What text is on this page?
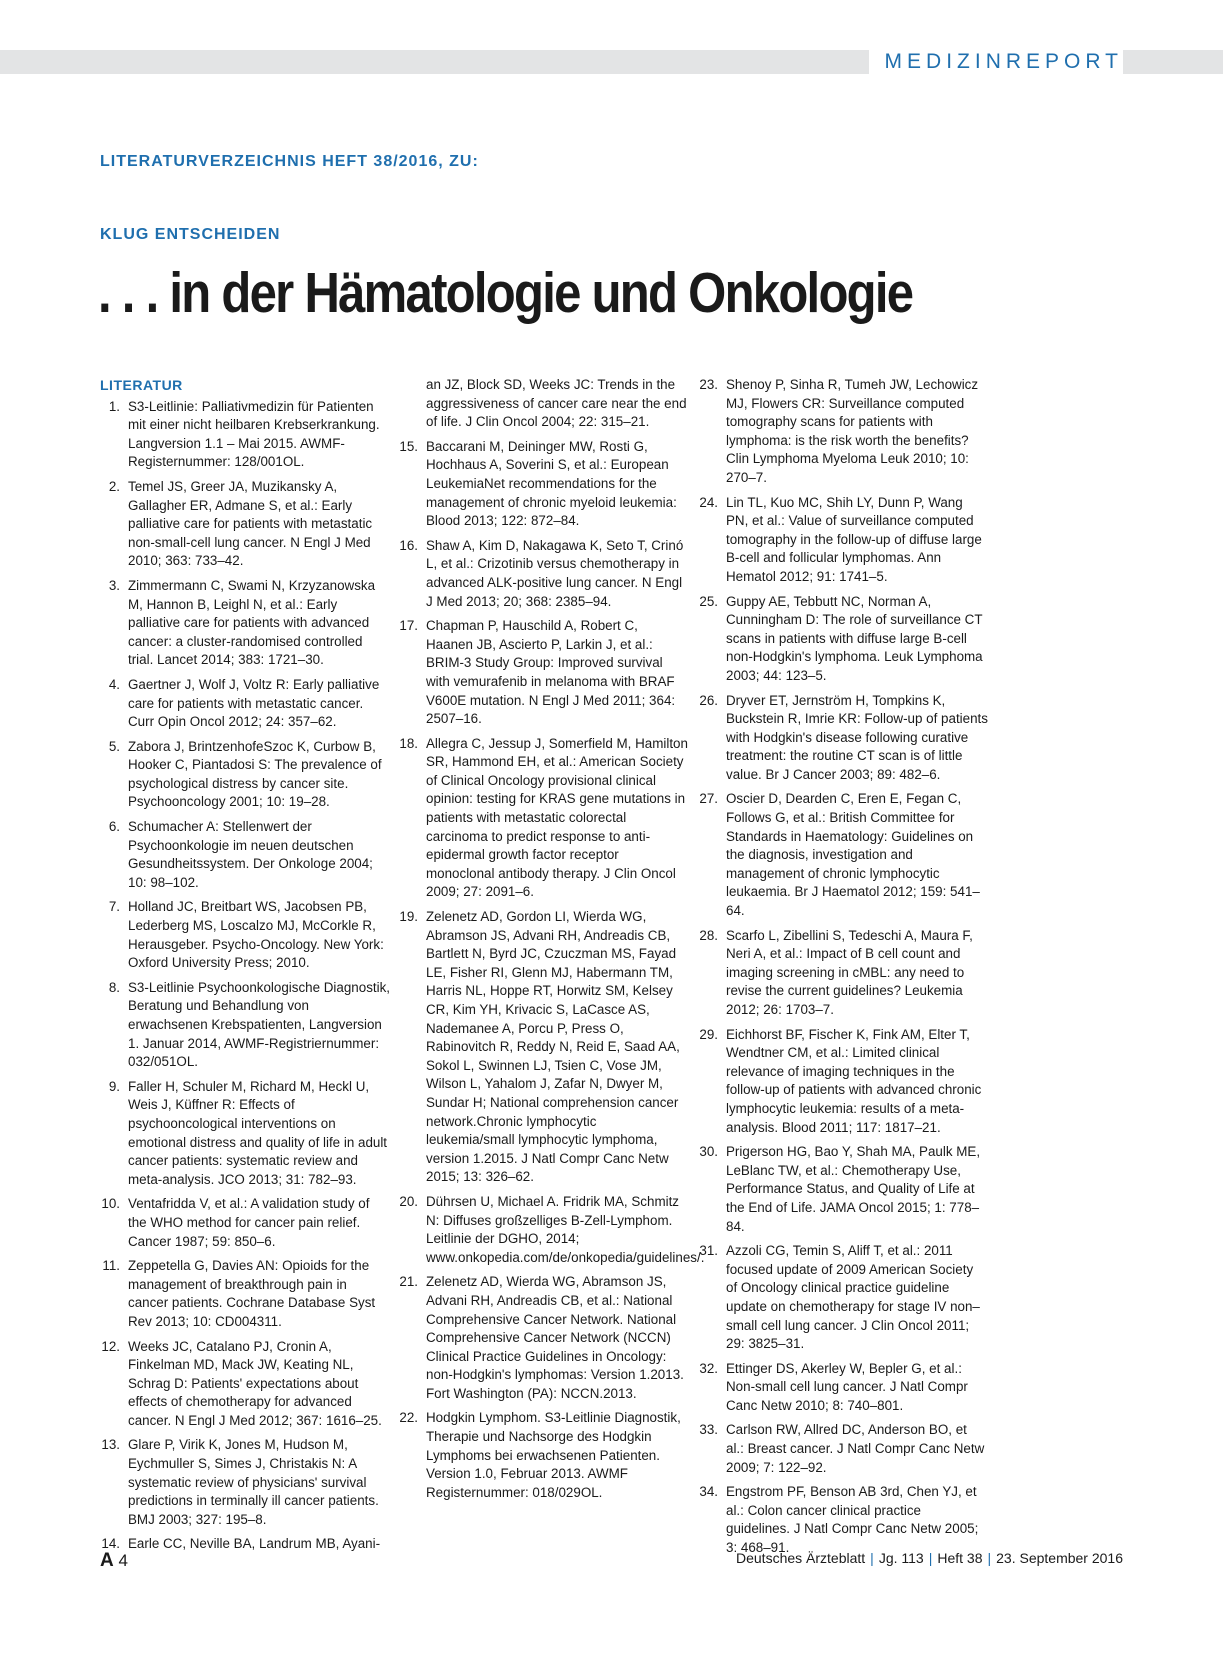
MEDIZINREPORT
LITERATURVERZEICHNIS HEFT 38/2016, ZU:
KLUG ENTSCHEIDEN
. . . in der Hämatologie und Onkologie
LITERATUR
1. S3-Leitlinie: Palliativmedizin für Patienten mit einer nicht heilbaren Krebserkrankung. Langversion 1.1 – Mai 2015. AWMF-Registernummer: 128/001OL.
2. Temel JS, Greer JA, Muzikansky A, Gallagher ER, Admane S, et al.: Early palliative care for patients with metastatic non-small-cell lung cancer. N Engl J Med 2010; 363: 733–42.
3. Zimmermann C, Swami N, Krzyzanowska M, Hannon B, Leighl N, et al.: Early palliative care for patients with advanced cancer: a cluster-randomised controlled trial. Lancet 2014; 383: 1721–30.
4. Gaertner J, Wolf J, Voltz R: Early palliative care for patients with metastatic cancer. Curr Opin Oncol 2012; 24: 357–62.
5. Zabora J, BrintzenhofeSzoc K, Curbow B, Hooker C, Piantadosi S: The prevalence of psychological distress by cancer site. Psychooncology 2001; 10: 19–28.
6. Schumacher A: Stellenwert der Psychoonkologie im neuen deutschen Gesundheitssystem. Der Onkologe 2004; 10: 98–102.
7. Holland JC, Breitbart WS, Jacobsen PB, Lederberg MS, Loscalzo MJ, McCorkle R, Herausgeber. Psycho-Oncology. New York: Oxford University Press; 2010.
8. S3-Leitlinie Psychoonkologische Diagnostik, Beratung und Behandlung von erwachsenen Krebspatienten, Langversion 1. Januar 2014, AWMF-Registriernummer: 032/051OL.
9. Faller H, Schuler M, Richard M, Heckl U, Weis J, Küffner R: Effects of psychooncological interventions on emotional distress and quality of life in adult cancer patients: systematic review and meta-analysis. JCO 2013; 31: 782–93.
10. Ventafridda V, et al.: A validation study of the WHO method for cancer pain relief. Cancer 1987; 59: 850–6.
11. Zeppetella G, Davies AN: Opioids for the management of breakthrough pain in cancer patients. Cochrane Database Syst Rev 2013; 10: CD004311.
12. Weeks JC, Catalano PJ, Cronin A, Finkelman MD, Mack JW, Keating NL, Schrag D: Patients' expectations about effects of chemotherapy for advanced cancer. N Engl J Med 2012; 367: 1616–25.
13. Glare P, Virik K, Jones M, Hudson M, Eychmuller S, Simes J, Christakis N: A systematic review of physicians' survival predictions in terminally ill cancer patients. BMJ 2003; 327: 195–8.
14. Earle CC, Neville BA, Landrum MB, Ayani-
an JZ, Block SD, Weeks JC: Trends in the aggressiveness of cancer care near the end of life. J Clin Oncol 2004; 22: 315–21.
15. Baccarani M, Deininger MW, Rosti G, Hochhaus A, Soverini S, et al.: European LeukemiaNet recommendations for the management of chronic myeloid leukemia: Blood 2013; 122: 872–84.
16. Shaw A, Kim D, Nakagawa K, Seto T, Crinó L, et al.: Crizotinib versus chemotherapy in advanced ALK-positive lung cancer. N Engl J Med 2013; 20; 368: 2385–94.
17. Chapman P, Hauschild A, Robert C, Haanen JB, Ascierto P, Larkin J, et al.: BRIM-3 Study Group: Improved survival with vemurafenib in melanoma with BRAF V600E mutation. N Engl J Med 2011; 364: 2507–16.
18. Allegra C, Jessup J, Somerfield M, Hamilton SR, Hammond EH, et al.: American Society of Clinical Oncology provisional clinical opinion: testing for KRAS gene mutations in patients with metastatic colorectal carcinoma to predict response to anti-epidermal growth factor receptor monoclonal antibody therapy. J Clin Oncol 2009; 27: 2091–6.
19. Zelenetz AD, Gordon LI, Wierda WG, Abramson JS, Advani RH, Andreadis CB, Bartlett N, Byrd JC, Czuczman MS, Fayad LE, Fisher RI, Glenn MJ, Habermann TM, Harris NL, Hoppe RT, Horwitz SM, Kelsey CR, Kim YH, Krivacic S, LaCasce AS, Nademanee A, Porcu P, Press O, Rabinovitch R, Reddy N, Reid E, Saad AA, Sokol L, Swinnen LJ, Tsien C, Vose JM, Wilson L, Yahalom J, Zafar N, Dwyer M, Sundar H; National comprehension cancer network.Chronic lymphocytic leukemia/small lymphocytic lymphoma, version 1.2015. J Natl Compr Canc Netw 2015; 13: 326–62.
20. Dührsen U, Michael A. Fridrik MA, Schmitz N: Diffuses großzelliges B-Zell-Lymphom. Leitlinie der DGHO, 2014; www.onkopedia.com/de/onkopedia/guidelines/.
21. Zelenetz AD, Wierda WG, Abramson JS, Advani RH, Andreadis CB, et al.: National Comprehensive Cancer Network. National Comprehensive Cancer Network (NCCN) Clinical Practice Guidelines in Oncology: non-Hodgkin's lymphomas: Version 1.2013. Fort Washington (PA): NCCN.2013.
22. Hodgkin Lymphom. S3-Leitlinie Diagnostik, Therapie und Nachsorge des Hodgkin Lymphoms bei erwachsenen Patienten. Version 1.0, Februar 2013. AWMF Registernummer: 018/029OL.
23. Shenoy P, Sinha R, Tumeh JW, Lechowicz MJ, Flowers CR: Surveillance computed tomography scans for patients with lymphoma: is the risk worth the benefits? Clin Lymphoma Myeloma Leuk 2010; 10: 270–7.
24. Lin TL, Kuo MC, Shih LY, Dunn P, Wang PN, et al.: Value of surveillance computed tomography in the follow-up of diffuse large B-cell and follicular lymphomas. Ann Hematol 2012; 91: 1741–5.
25. Guppy AE, Tebbutt NC, Norman A, Cunningham D: The role of surveillance CT scans in patients with diffuse large B-cell non-Hodgkin's lymphoma. Leuk Lymphoma 2003; 44: 123–5.
26. Dryver ET, Jernström H, Tompkins K, Buckstein R, Imrie KR: Follow-up of patients with Hodgkin's disease following curative treatment: the routine CT scan is of little value. Br J Cancer 2003; 89: 482–6.
27. Oscier D, Dearden C, Eren E, Fegan C, Follows G, et al.: British Committee for Standards in Haematology: Guidelines on the diagnosis, investigation and management of chronic lymphocytic leukaemia. Br J Haematol 2012; 159: 541–64.
28. Scarfo L, Zibellini S, Tedeschi A, Maura F, Neri A, et al.: Impact of B cell count and imaging screening in cMBL: any need to revise the current guidelines? Leukemia 2012; 26: 1703–7.
29. Eichhorst BF, Fischer K, Fink AM, Elter T, Wendtner CM, et al.: Limited clinical relevance of imaging techniques in the follow-up of patients with advanced chronic lymphocytic leukemia: results of a meta-analysis. Blood 2011; 117: 1817–21.
30. Prigerson HG, Bao Y, Shah MA, Paulk ME, LeBlanc TW, et al.: Chemotherapy Use, Performance Status, and Quality of Life at the End of Life. JAMA Oncol 2015; 1: 778–84.
31. Azzoli CG, Temin S, Aliff T, et al.: 2011 focused update of 2009 American Society of Oncology clinical practice guideline update on chemotherapy for stage IV non–small cell lung cancer. J Clin Oncol 2011; 29: 3825–31.
32. Ettinger DS, Akerley W, Bepler G, et al.: Non-small cell lung cancer. J Natl Compr Canc Netw 2010; 8: 740–801.
33. Carlson RW, Allred DC, Anderson BO, et al.: Breast cancer. J Natl Compr Canc Netw 2009; 7: 122–92.
34. Engstrom PF, Benson AB 3rd, Chen YJ, et al.: Colon cancer clinical practice guidelines. J Natl Compr Canc Netw 2005; 3: 468–91.
A 4	Deutsches Ärzteblatt | Jg. 113 | Heft 38 | 23. September 2016
